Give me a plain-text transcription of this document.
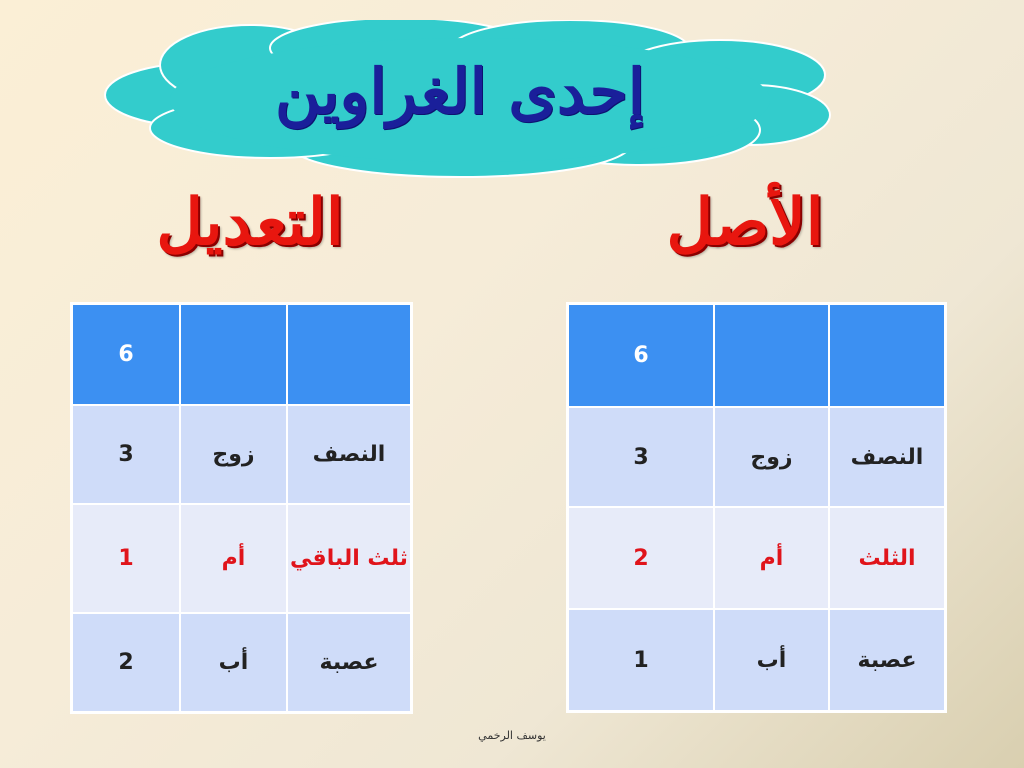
إحدى الغراوين
التعديل	الأصل
		6
النصف	زوج	3
ثلث الباقي	أم	1
عصبة	أب	2
		6
النصف	زوج	3
الثلث	أم	2
عصبة	أب	1
يوسف الرخمي
